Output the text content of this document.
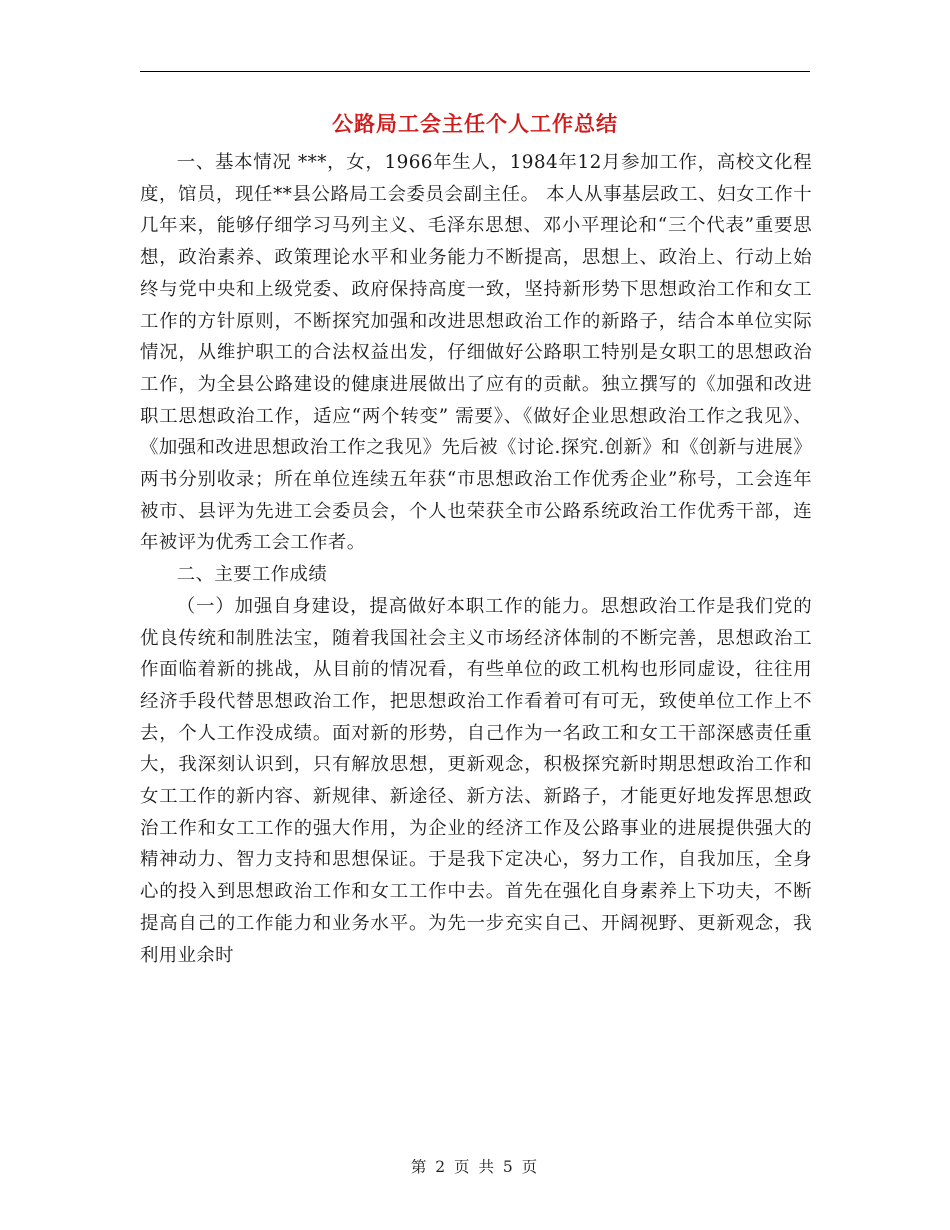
公路局工会主任个人工作总结

一、基本情况 ***，女，1966年生人，1984年12月参加工作，高校文化程度，馆员，现任**县公路局工会委员会副主任。 本人从事基层政工、妇女工作十几年来，能够仔细学习马列主义、毛泽东思想、邓小平理论和“三个代表”重要思想，政治素养、政策理论水平和业务能力不断提高，思想上、政治上、行动上始终与党中央和上级党委、政府保持高度一致，坚持新形势下思想政治工作和女工工作的方针原则，不断探究加强和改进思想政治工作的新路子，结合本单位实际情况，从维护职工的合法权益出发，仔细做好公路职工特别是女职工的思想政治工作，为全县公路建设的健康进展做出了应有的贡献。独立撰写的《加强和改进职工思想政治工作，适应“两个转变” 需要》、《做好企业思想政治工作之我见》、《加强和改进思想政治工作之我见》先后被《讨论.探究.创新》和《创新与进展》两书分别收录；所在单位连续五年获“市思想政治工作优秀企业”称号，工会连年被市、县评为先进工会委员会，个人也荣获全市公路系统政治工作优秀干部，连年被评为优秀工会工作者。

二、主要工作成绩

（一）加强自身建设，提高做好本职工作的能力。思想政治工作是我们党的优良传统和制胜法宝，随着我国社会主义市场经济体制的不断完善，思想政治工作面临着新的挑战，从目前的情况看，有些单位的政工机构也形同虚设，往往用经济手段代替思想政治工作，把思想政治工作看着可有可无，致使单位工作上不去，个人工作没成绩。面对新的形势，自己作为一名政工和女工干部深感责任重大，我深刻认识到，只有解放思想，更新观念，积极探究新时期思想政治工作和女工工作的新内容、新规律、新途径、新方法、新路子，才能更好地发挥思想政治工作和女工工作的强大作用，为企业的经济工作及公路事业的进展提供强大的精神动力、智力支持和思想保证。于是我下定决心，努力工作，自我加压，全身心的投入到思想政治工作和女工工作中去。首先在强化自身素养上下功夫，不断提高自己的工作能力和业务水平。为先一步充实自己、开阔视野、更新观念，我利用业余时

第 2 页 共 5 页
